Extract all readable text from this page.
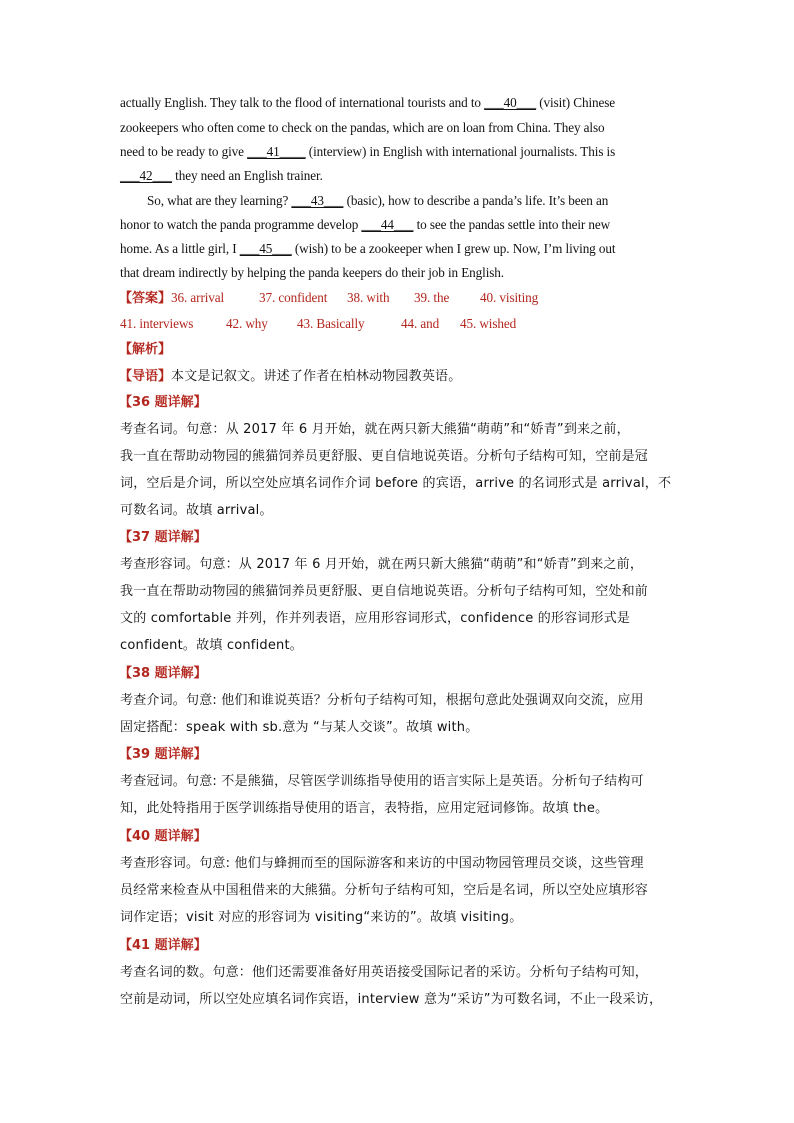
actually English. They talk to the flood of international tourists and to ___40___ (visit) Chinese
zookeepers who often come to check on the pandas, which are on loan from China. They also
need to be ready to give ___41____ (interview) in English with international journalists. This is
___42___ they need an English trainer.
So, what are they learning? ___43___ (basic), how to describe a panda’s life. It’s been an
honor to watch the panda programme develop ___44___ to see the pandas settle into their new
home. As a little girl, I ___45___ (wish) to be a zookeeper when I grew up. Now, I’m living out
that dream indirectly by helping the panda keepers do their job in English.
【答案】36. arrival	37. confident 38. with 39. the 40. visiting
41. interviews 42. why 43. Basically	44. and 45. wished
【解析】
【导语】本文是记叙文。讲述了作者在柏林动物园教英语。
【36 题详解】
考查名词。句意：从 2017 年 6 月开始，就在两只新大熊猫“萌萌”和“娇青”到来之前，
我一直在帮助动物园的熊猫饲养员更舒服、更自信地说英语。分析句子结构可知，空前是冠
词，空后是介词，所以空处应填名词作介词 before 的宾语，arrive 的名词形式是 arrival，不
可数名词。故填 arrival。
【37 题详解】
考查形容词。句意：从 2017 年 6 月开始，就在两只新大熊猫“萌萌”和“娇青”到来之前，
我一直在帮助动物园的熊猫饲养员更舒服、更自信地说英语。分析句子结构可知，空处和前
文的 comfortable 并列，作并列表语，应用形容词形式，confidence 的形容词形式是
confident。故填 confident。
【38 题详解】
考查介词。句意: 他们和谁说英语？分析句子结构可知，根据句意此处强调双向交流，应用
固定搭配：speak with sb.意为 “与某人交谈”。故填 with。
【39 题详解】
考查冠词。句意: 不是熊猫，尽管医学训练指导使用的语言实际上是英语。分析句子结构可
知，此处特指用于医学训练指导使用的语言，表特指，应用定冠词修饰。故填 the。
【40 题详解】
考查形容词。句意: 他们与蜂拥而至的国际游客和来访的中国动物园管理员交谈，这些管理
员经常来检查从中国租借来的大熊猫。分析句子结构可知，空后是名词，所以空处应填形容
词作定语；visit 对应的形容词为 visiting“来访的”。故填 visiting。
【41 题详解】
考查名词的数。句意：他们还需要准备好用英语接受国际记者的采访。分析句子结构可知，
空前是动词，所以空处应填名词作宾语，interview 意为“采访”为可数名词，不止一段采访，
